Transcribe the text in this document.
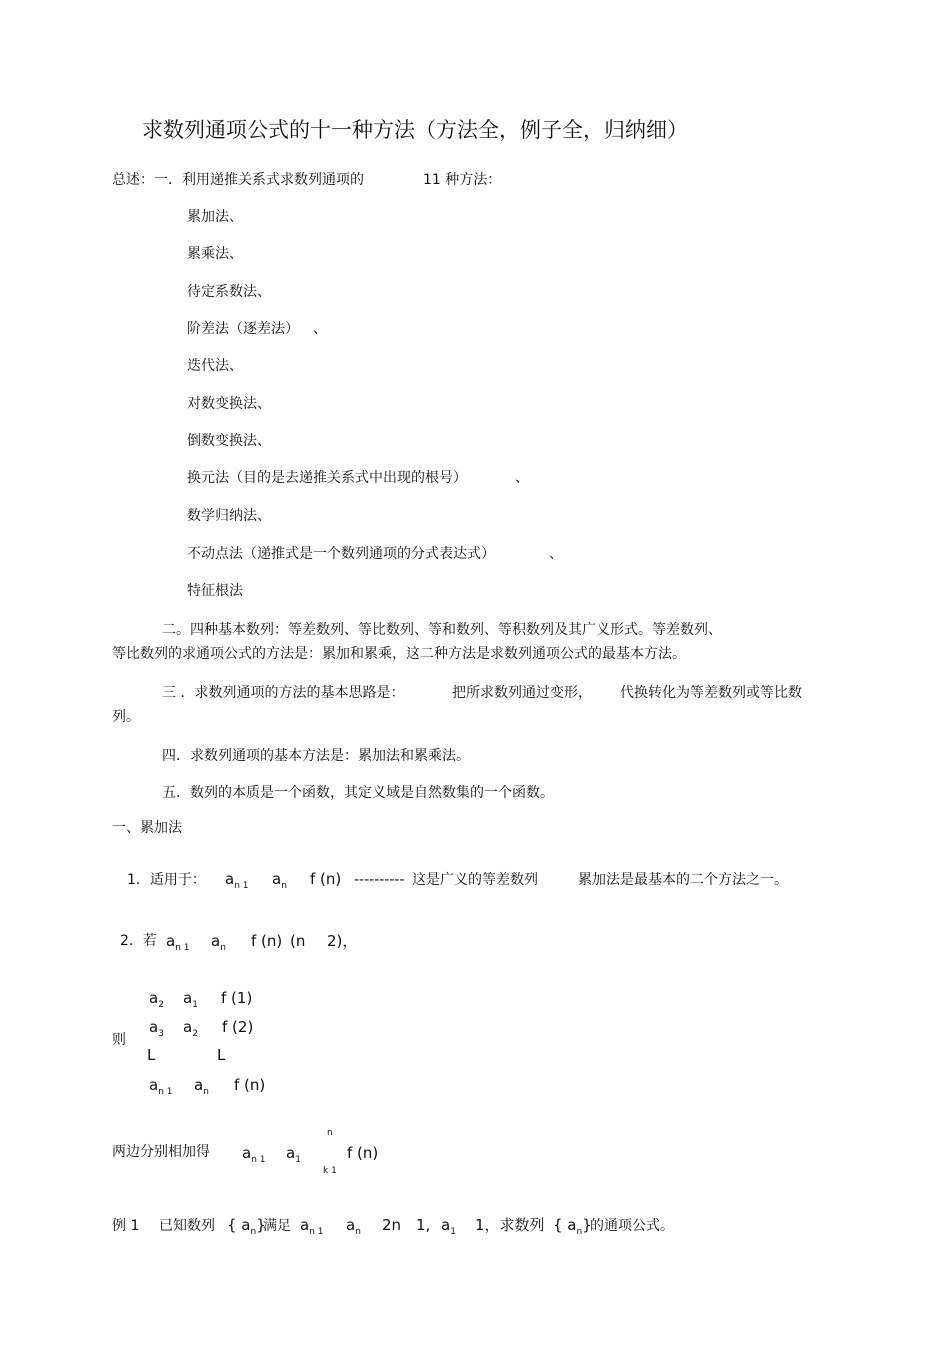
求数列通项公式的十一种方法（方法全，例子全，归纳细）
总述：一．利用递推关系式求数列通项的	11 种方法：
累加法、
累乘法、
待定系数法、
阶差法（逐差法） 、
迭代法、
对数变换法、
倒数变换法、
换元法（目的是去递推关系式中出现的根号）	、
数学归纳法、
不动点法（递推式是一个数列通项的分式表达式）	、
特征根法
二。四种基本数列：等差数列、等比数列、等和数列、等积数列及其广义形式。等差数列、
等比数列的求通项公式的方法是：累加和累乘，这二种方法是求数列通项公式的最基本方法。
三 ．求数列通项的方法的基本思路是：	把所求数列通过变形， 代换转化为等差数列或等比数
列。
四．求数列通项的基本方法是：累加法和累乘法。
五．数列的本质是一个函数，其定义域是自然数集的一个函数。
一、累加法
1．适用于： $a_{n 1}$ $a_n$ f (n) ---------- 这是广义的等差数列	累加法是最基本的二个方法之一。
2．若 $a_{n 1}$ $a_n$ f (n) (n 2)，
则
$a_2$ $a_1$ f (1)
$a_3$ $a_2$ f (2)
L	L
$a_{n 1}$ $a_n$ f (n)
两边分别相加得 $a_{n 1}$ $a_1$
n
k 1
f (n)
例 1 已知数列 { $a_n$}
满足 $a_{n 1}$ $a_n$ 2n 1, $a_1$ 1，求数列 { $a_n$}
的通项公式。
